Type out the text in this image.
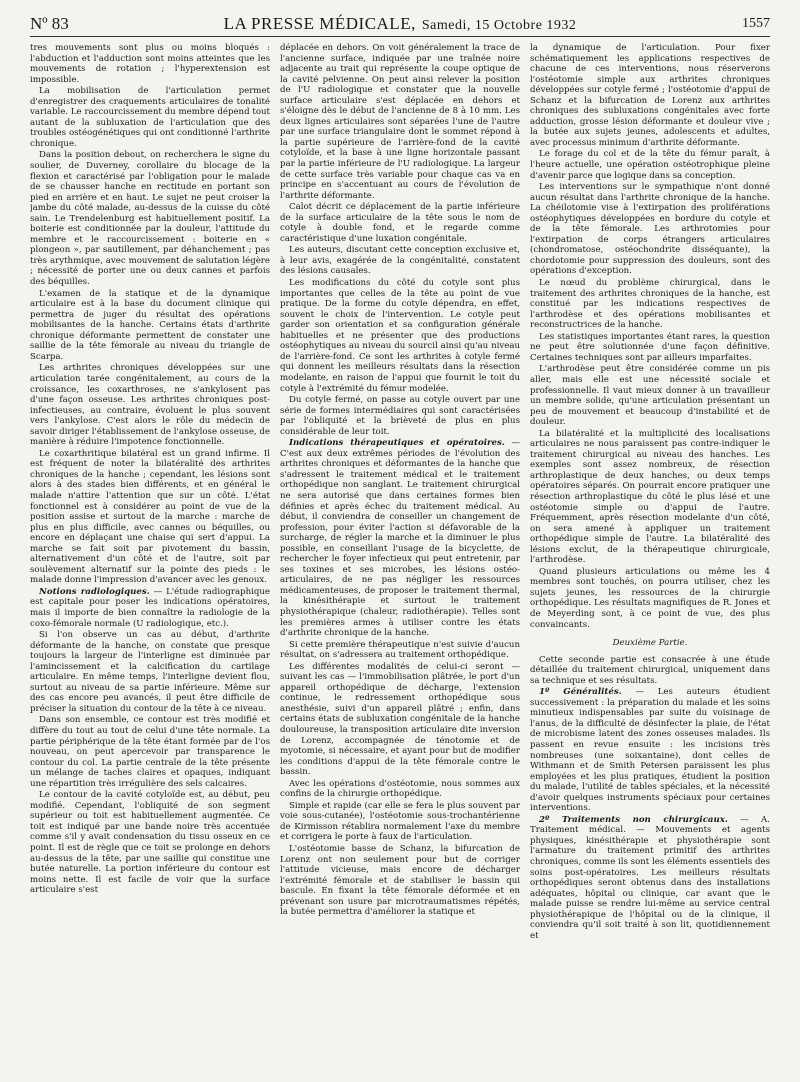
Nº 83	LA PRESSE MÉDICALE, Samedi, 15 Octobre 1932	1557

tres mouvements sont plus ou moins bloqués : l'abduction et l'adduction sont moins atteintes que les mouvements de rotation ; l'hyperextension est impossible.

La mobilisation de l'articulation permet d'enregistrer des craquements articulaires de tonalité variable. Le raccourcissement du membre dépend tout autant de la subluxation de l'articulation que des troubles ostéogénétiques qui ont conditionné l'arthrite chronique.

Dans la position debout, on recherchera le signe du soulier, de Duverney, corollaire du blocage de la flexion et caractérisé par l'obligation pour le malade de se chausser hanche en rectitude en portant son pied en arrière et en haut. Le sujet ne peut croiser la jambe du côté malade, au-dessus de la cuisse du côté sain. Le Trendelenburg est habituellement positif. La boiterie est conditionnée par la douleur, l'attitude du membre et le raccourcissement : boiterie en « plongeon », par sautillement, par déhanchement ; pas très arythmique, avec mouvement de salutation légère ; nécessité de porter une ou deux cannes et parfois des béquilles.

L'examen de la statique et de la dynamique articulaire est à la base du document clinique qui permettra de juger du résultat des opérations mobilisantes de la hanche. Certains états d'arthrite chronique déformante permettent de constater une saillie de la tête fémorale au niveau du triangle de Scarpa.

Les arthrites chroniques développées sur une articulation tarée congénitalement, au cours de la croissance, les coxarthroses, ne s'ankylosent pas d'une façon osseuse. Les arthrites chroniques post-infectieuses, au contraire, évoluent le plus souvent vers l'ankylose. C'est alors le rôle du médecin de savoir diriger l'établissement de l'ankylose osseuse, de manière à réduire l'impotence fonctionnelle.

Le coxarthritique bilatéral est un grand infirme. Il est fréquent de noter la bilatéralité des arthrites chroniques de la hanche ; cependant, les lésions sont alors à des stades bien différents, et en général le malade n'attire l'attention que sur un côté. L'état fonctionnel est à considérer au point de vue de la position assise et surtout de la marche : marche de plus en plus difficile, avec cannes ou béquilles, ou encore en déplaçant une chaise qui sert d'appui. La marche se fait soit par pivotement du bassin, alternativement d'un côté et de l'autre, soit par soulèvement alternatif sur la pointe des pieds : le malade donne l'impression d'avancer avec les genoux.

Notions radiologiques. — L'étude radiographique est capitale pour poser les indications opératoires, mais il importe de bien connaître la radiologie de la coxo-fémorale normale (U radiologique, etc.).

Si l'on observe un cas au début, d'arthrite déformante de la hanche, on constate que presque toujours la largeur de l'interligne est diminuée par l'amincissement et la calcification du cartilage articulaire. En même temps, l'interligne devient flou, surtout au niveau de sa partie inférieure. Même sur des cas encore peu avancés, il peut être difficile de préciser la situation du contour de la tête à ce niveau.

Dans son ensemble, ce contour est très modifié et diffère du tout au tout de celui d'une tête normale. La partie périphérique de la tête étant formée par de l'os nouveau, on peut apercevoir par transparence le contour du col. La partie centrale de la tête présente un mélange de taches claires et opaques, indiquant une répartition très irrégulière des sels calcaires.

Le contour de la cavité cotyloïde est, au début, peu modifié. Cependant, l'obliquité de son segment supérieur ou toit est habituellement augmentée. Ce toit est indiqué par une bande noire très accentuée comme s'il y avait condensation du tissu osseux en ce point. Il est de règle que ce toit se prolonge en dehors au-dessus de la tête, par une saillie qui constitue une butée naturelle. La portion inférieure du contour est moins nette. Il est facile de voir que la surface articulaire s'est

déplacée en dehors. On voit généralement la trace de l'ancienne surface, indiquée par une traînée noire adjacente au trait qui représente la coupe optique de la cavité pelvienne. On peut ainsi relever la position de l'U radiologique et constater que la nouvelle surface articulaire s'est déplacée en dehors et s'éloigne dès le début de l'ancienne de 8 à 10 mm. Les deux lignes articulaires sont séparées l'une de l'autre par une surface triangulaire dont le sommet répond à la partie supérieure de l'arrière-fond de la cavité cotyloïde, et la base à une ligne horizontale passant par la partie inférieure de l'U radiologique. La largeur de cette surface très variable pour chaque cas va en principe en s'accentuant au cours de l'évolution de l'arthrite déformante.

Calot décrit ce déplacement de la partie inférieure de la surface articulaire de la tête sous le nom de cotyle à double fond, et le regarde comme caractéristique d'une luxation congénitale.

Les auteurs, discutant cette conception exclusive et, à leur avis, exagérée de la congénitalité, constatent des lésions causales.

Les modifications du côté du cotyle sont plus importantes que celles de la tête au point de vue pratique. De la forme du cotyle dépendra, en effet, souvent le choix de l'intervention. Le cotyle peut garder son orientation et sa configuration générale habituelles et ne présenter que des productions ostéophytiques au niveau du sourcil ainsi qu'au niveau de l'arrière-fond. Ce sont les arthrites à cotyle fermé qui donnent les meilleurs résultats dans la résection modelante, en raison de l'appui que fournit le toit du cotyle à l'extrémité du fémur modelée.

Du cotyle fermé, on passe au cotyle ouvert par une série de formes intermédiaires qui sont caractérisées par l'obliquité et la brièveté de plus en plus considérable de leur toit.

Indications thérapeutiques et opératoires. — C'est aux deux extrêmes périodes de l'évolution des arthrites chroniques et déformantes de la hanche que s'adressent le traitement médical et le traitement orthopédique non sanglant. Le traitement chirurgical ne sera autorisé que dans certaines formes bien définies et après échec du traitement médical. Au début, il conviendra de conseiller un changement de profession, pour éviter l'action si défavorable de la surcharge, de régler la marche et la diminuer le plus possible, en conseillant l'usage de la bicyclette, de rechercher le foyer infectieux qui peut entretenir, par ses toxines et ses microbes, les lésions ostéo-articulaires, de ne pas négliger les ressources médicamenteuses, de proposer le traitement thermal, la kinésithérapie et surtout le traitement physiothérapique (chaleur, radiothérapie). Telles sont les premières armes à utiliser contre les états d'arthrite chronique de la hanche.

Si cette première thérapeutique n'est suivie d'aucun résultat, on s'adressera au traitement orthopédique.

Les différentes modalités de celui-ci seront — suivant les cas — l'immobilisation plâtrée, le port d'un appareil orthopédique de décharge, l'extension continue, le redressement orthopédique sous anesthésie, suivi d'un appareil plâtré ; enfin, dans certains états de subluxation congénitale de la hanche douloureuse, la transposition articulaire dite inversion de Lorenz, accompagnée de ténotomie et de myotomie, si nécessaire, et ayant pour but de modifier les conditions d'appui de la tête fémorale contre le bassin.

Avec les opérations d'ostéotomie, nous sommes aux confins de la chirurgie orthopédique.

Simple et rapide (car elle se fera le plus souvent par voie sous-cutanée), l'ostéotomie sous-trochantérienne de Kirmisson rétablira normalement l'axe du membre et corrigera le porte à faux de l'articulation.

L'ostéotomie basse de Schanz, la bifurcation de Lorenz ont non seulement pour but de corriger l'attitude vicieuse, mais encore de décharger l'extrémité fémorale et de stabiliser le bassin qui bascule. En fixant la tête fémorale déformée et en prévenant son usure par microtraumatismes répétés, la butée permettra d'améliorer la statique et

la dynamique de l'articulation. Pour fixer schématiquement les applications respectives de chacune de ces interventions, nous réserverons l'ostéotomie simple aux arthrites chroniques développées sur cotyle fermé ; l'ostéotomie d'appui de Schanz et la bifurcation de Lorenz aux arthrites chroniques des subluxations congénitales avec forte adduction, grosse lésion déformante et douleur vive ; la butée aux sujets jeunes, adolescents et adultes, avec processus minimum d'arthrite déformante.

Le forage du col et de la tête du fémur paraît, à l'heure actuelle, une opération ostéotrophique pleine d'avenir parce que logique dans sa conception.

Les interventions sur le sympathique n'ont donné aucun résultat dans l'arthrite chronique de la hanche. La chéilotomie vise à l'extirpation des proliférations ostéophytiques développées en bordure du cotyle et de la tête fémorale. Les arthrotomies pour l'extirpation de corps étrangers articulaires (chondromatose, ostéochondrite disséquante), la chordotomie pour suppression des douleurs, sont des opérations d'exception.

Le nœud du problème chirurgical, dans le traitement des arthrites chroniques de la hanche, est constitué par les indications respectives de l'arthrodèse et des opérations mobilisantes et reconstructrices de la hanche.

Les statistiques importantes étant rares, la question ne peut être solutionnée d'une façon définitive. Certaines techniques sont par ailleurs imparfaites.

L'arthrodèse peut être considérée comme un pis aller, mais elle est une nécessité sociale et professionnelle. Il vaut mieux donner à un travailleur un membre solide, qu'une articulation présentant un peu de mouvement et beaucoup d'instabilité et de douleur.

La bilatéralité et la multiplicité des localisations articulaires ne nous paraissent pas contre-indiquer le traitement chirurgical au niveau des hanches. Les exemples sont assez nombreux, de résection arthroplastique de deux hanches, ou deux temps opératoires séparés. On pourrait encore pratiquer une résection arthroplastique du côté le plus lésé et une ostéotomie simple ou d'appui de l'autre. Fréquemment, après résection modelante d'un côté, on sera amené à appliquer un traitement orthopédique simple de l'autre. La bilatéralité des lésions exclut, de la thérapeutique chirurgicale, l'arthrodèse.

Quand plusieurs articulations ou même les 4 membres sont touchés, on pourra utiliser, chez les sujets jeunes, les ressources de la chirurgie orthopédique. Les résultats magnifiques de R. Jones et de Meyerding sont, à ce point de vue, des plus convaincants.

Deuxième Partie.

Cette seconde partie est consacrée à une étude détaillée du traitement chirurgical, uniquement dans sa technique et ses résultats.

1º Généralités. — Les auteurs étudient successivement : la préparation du malade et les soins minutieux indispensables par suite du voisinage de l'anus, de la difficulté de désinfecter la plaie, de l'état de microbisme latent des zones osseuses malades. Ils passent en revue ensuite : les incisions très nombreuses (une soixantaine), dont celles de Withmann et de Smith Petersen paraissent les plus employées et les plus pratiques, étudient la position du malade, l'utilité de tables spéciales, et la nécessité d'avoir quelques instruments spéciaux pour certaines interventions.

2º Traitements non chirurgicaux. — A. Traitement médical. — Mouvements et agents physiques, kinésithérapie et physiothérapie sont l'armature du traitement primitif des arthrites chroniques, comme ils sont les éléments essentiels des soins post-opératoires. Les meilleurs résultats orthopédiques seront obtenus dans des installations adéquates, hôpital ou clinique, car avant que le malade puisse se rendre lui-même au service central physiothérapique de l'hôpital ou de la clinique, il conviendra qu'il soit traité à son lit, quotidiennement et
